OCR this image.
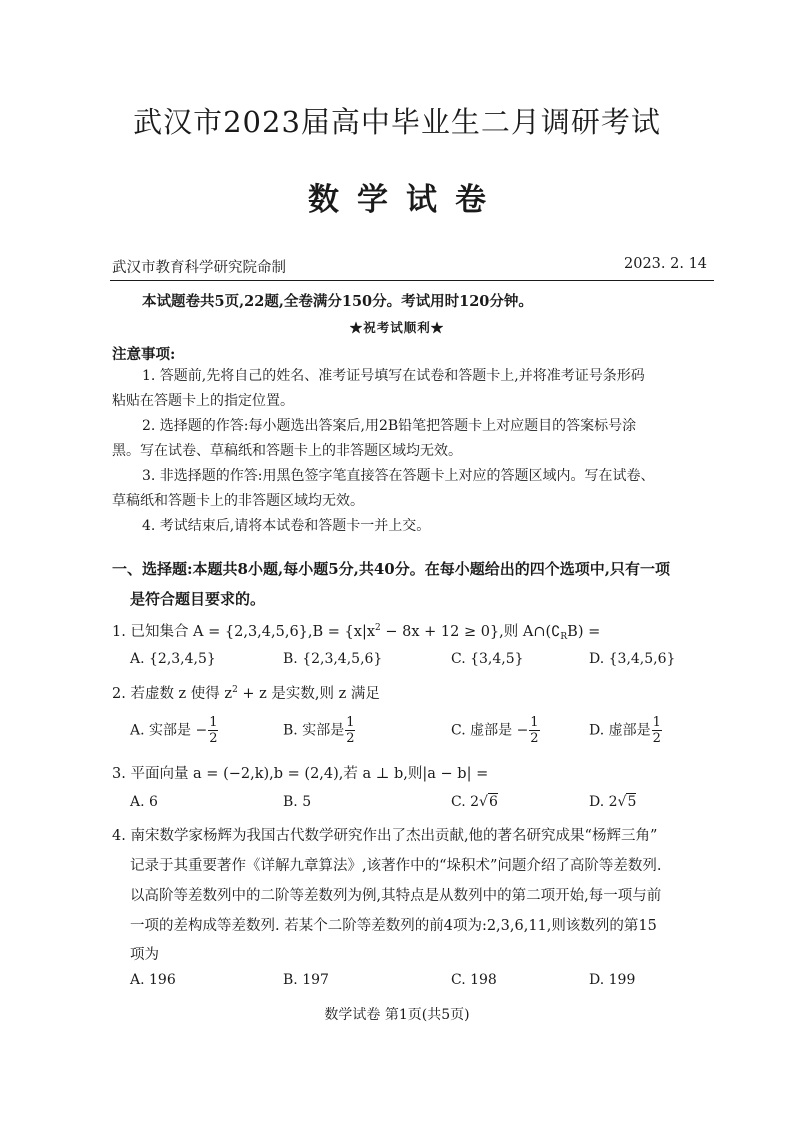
武汉市2023届高中毕业生二月调研考试
数学试卷
武汉市教育科学研究院命制	2023. 2. 14
本试题卷共5页,22题,全卷满分150分。考试用时120分钟。
★祝考试顺利★
注意事项:
1. 答题前,先将自己的姓名、准考证号填写在试卷和答题卡上,并将准考证号条形码
粘贴在答题卡上的指定位置。
2. 选择题的作答:每小题选出答案后,用2B铅笔把答题卡上对应题目的答案标号涂
黑。写在试卷、草稿纸和答题卡上的非答题区域均无效。
3. 非选择题的作答:用黑色签字笔直接答在答题卡上对应的答题区域内。写在试卷、
草稿纸和答题卡上的非答题区域均无效。
4. 考试结束后,请将本试卷和答题卡一并上交。
一、选择题:本题共8小题,每小题5分,共40分。在每小题给出的四个选项中,只有一项
是符合题目要求的。
1. 已知集合 $A = \{2,3,4,5,6\},B = \{x|x^2 - 8x + 12 \ge 0\}$,则 $A\cap(∁_RB)$ =
A. {2,3,4,5}	B. {2,3,4,5,6}	C. {3,4,5}	D. {3,4,5,6}
2. 若虚数 z 使得 $z^2 + z$ 是实数,则 z 满足
A. 实部是 − $\frac{1}{2}$	B. 实部是 $\frac{1}{2}$	C. 虚部是 − $\frac{1}{2}$	D. 虚部是 $\frac{1}{2}$
3. 平面向量 a = (−2,k),b = (2,4),若 a ⊥ b,则|a − b| =
A. 6	B. 5	C. 2√6	D. 2√5
4. 南宋数学家杨辉为我国古代数学研究作出了杰出贡献,他的著名研究成果“杨辉三角”
记录于其重要著作《详解九章算法》,该著作中的“垛积术”问题介绍了高阶等差数列.
以高阶等差数列中的二阶等差数列为例,其特点是从数列中的第二项开始,每一项与前
一项的差构成等差数列. 若某个二阶等差数列的前4项为:2,3,6,11,则该数列的第15
项为
A. 196	B. 197	C. 198	D. 199
数学试卷 第1页(共5页)
